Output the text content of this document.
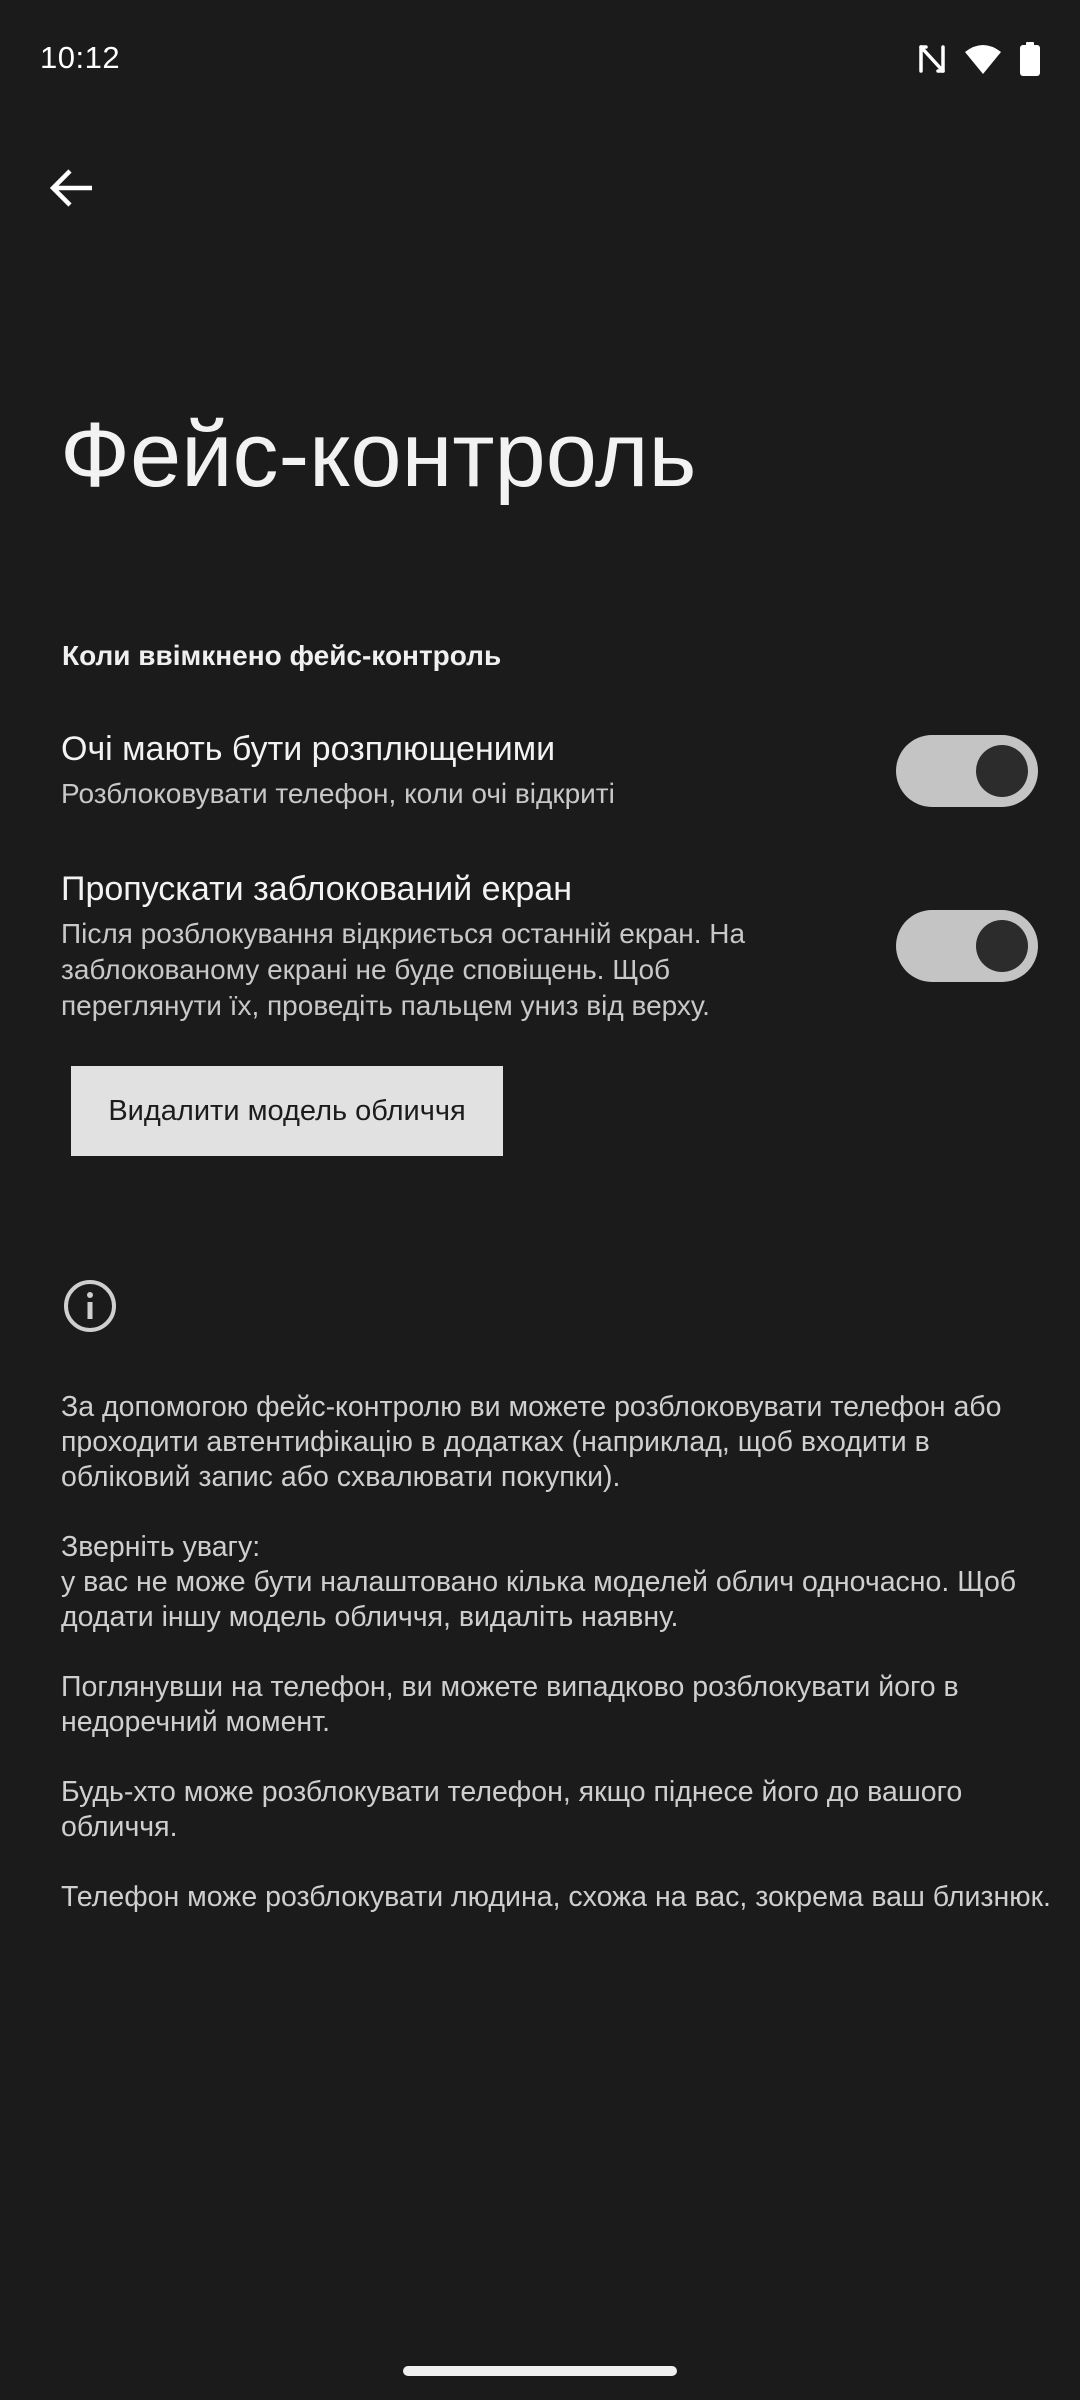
10:12
Фейс-контроль
Коли ввімкнено фейс-контроль
Очі мають бути розплющеними
Розблоковувати телефон, коли очі відкриті
Пропускати заблокований екран
Після розблокування відкриється останній екран. На заблокованому екрані не буде сповіщень. Щоб переглянути їх, проведіть пальцем униз від верху.
Видалити модель обличчя

За допомогою фейс-контролю ви можете розблоковувати телефон або проходити автентифікацію в додатках (наприклад, щоб входити в обліковий запис або схвалювати покупки).

Зверніть увагу:
у вас не може бути налаштовано кілька моделей облич одночасно. Щоб додати іншу модель обличчя, видаліть наявну.

Поглянувши на телефон, ви можете випадково розблокувати його в недоречний момент.

Будь-хто може розблокувати телефон, якщо піднесе його до вашого обличчя.

Телефон може розблокувати людина, схожа на вас, зокрема ваш близнюк.
